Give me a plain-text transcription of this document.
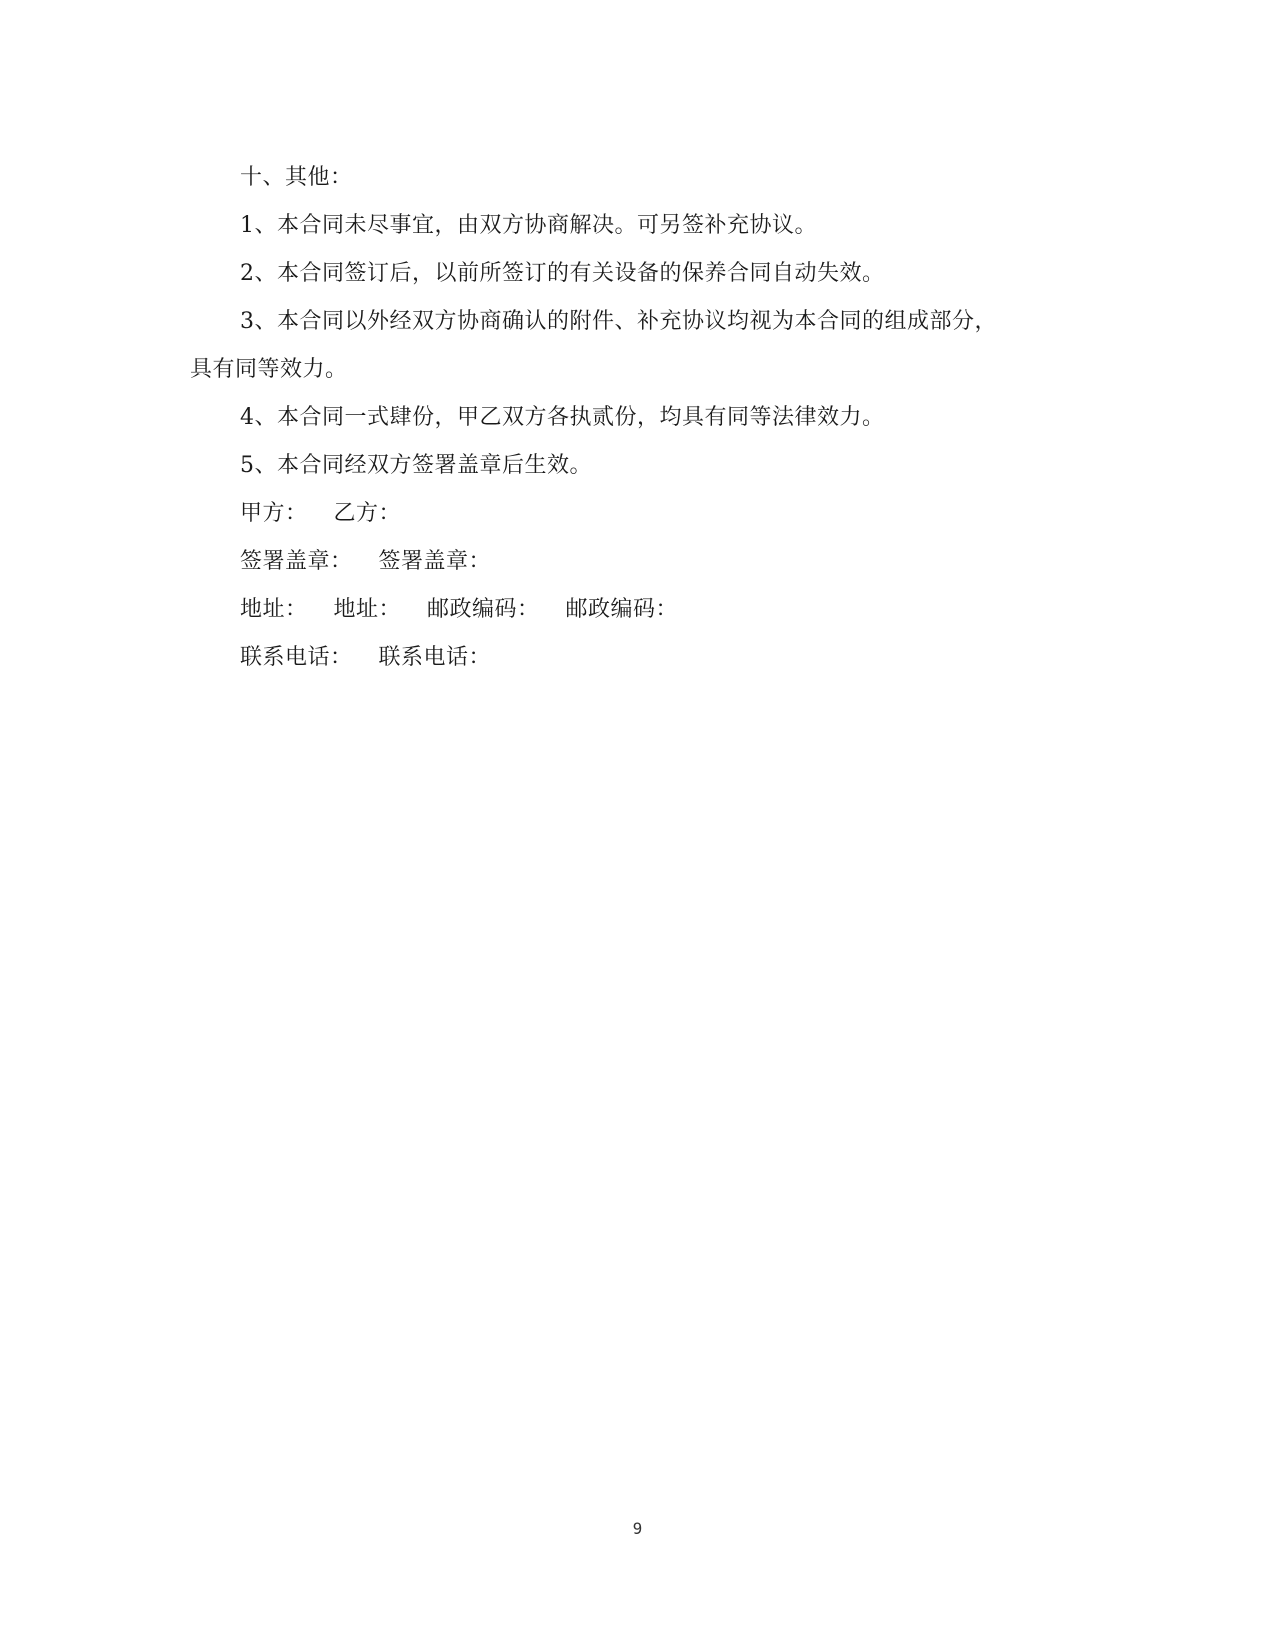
十、其他：
1、本合同未尽事宜，由双方协商解决。可另签补充协议。
2、本合同签订后，以前所签订的有关设备的保养合同自动失效。
3、本合同以外经双方协商确认的附件、补充协议均视为本合同的组成部分，
具有同等效力。
4、本合同一式肆份，甲乙双方各执贰份，均具有同等法律效力。
5、本合同经双方签署盖章后生效。
甲方： 乙方：
签署盖章： 签署盖章：
地址： 地址： 邮政编码： 邮政编码：
联系电话： 联系电话：
9
